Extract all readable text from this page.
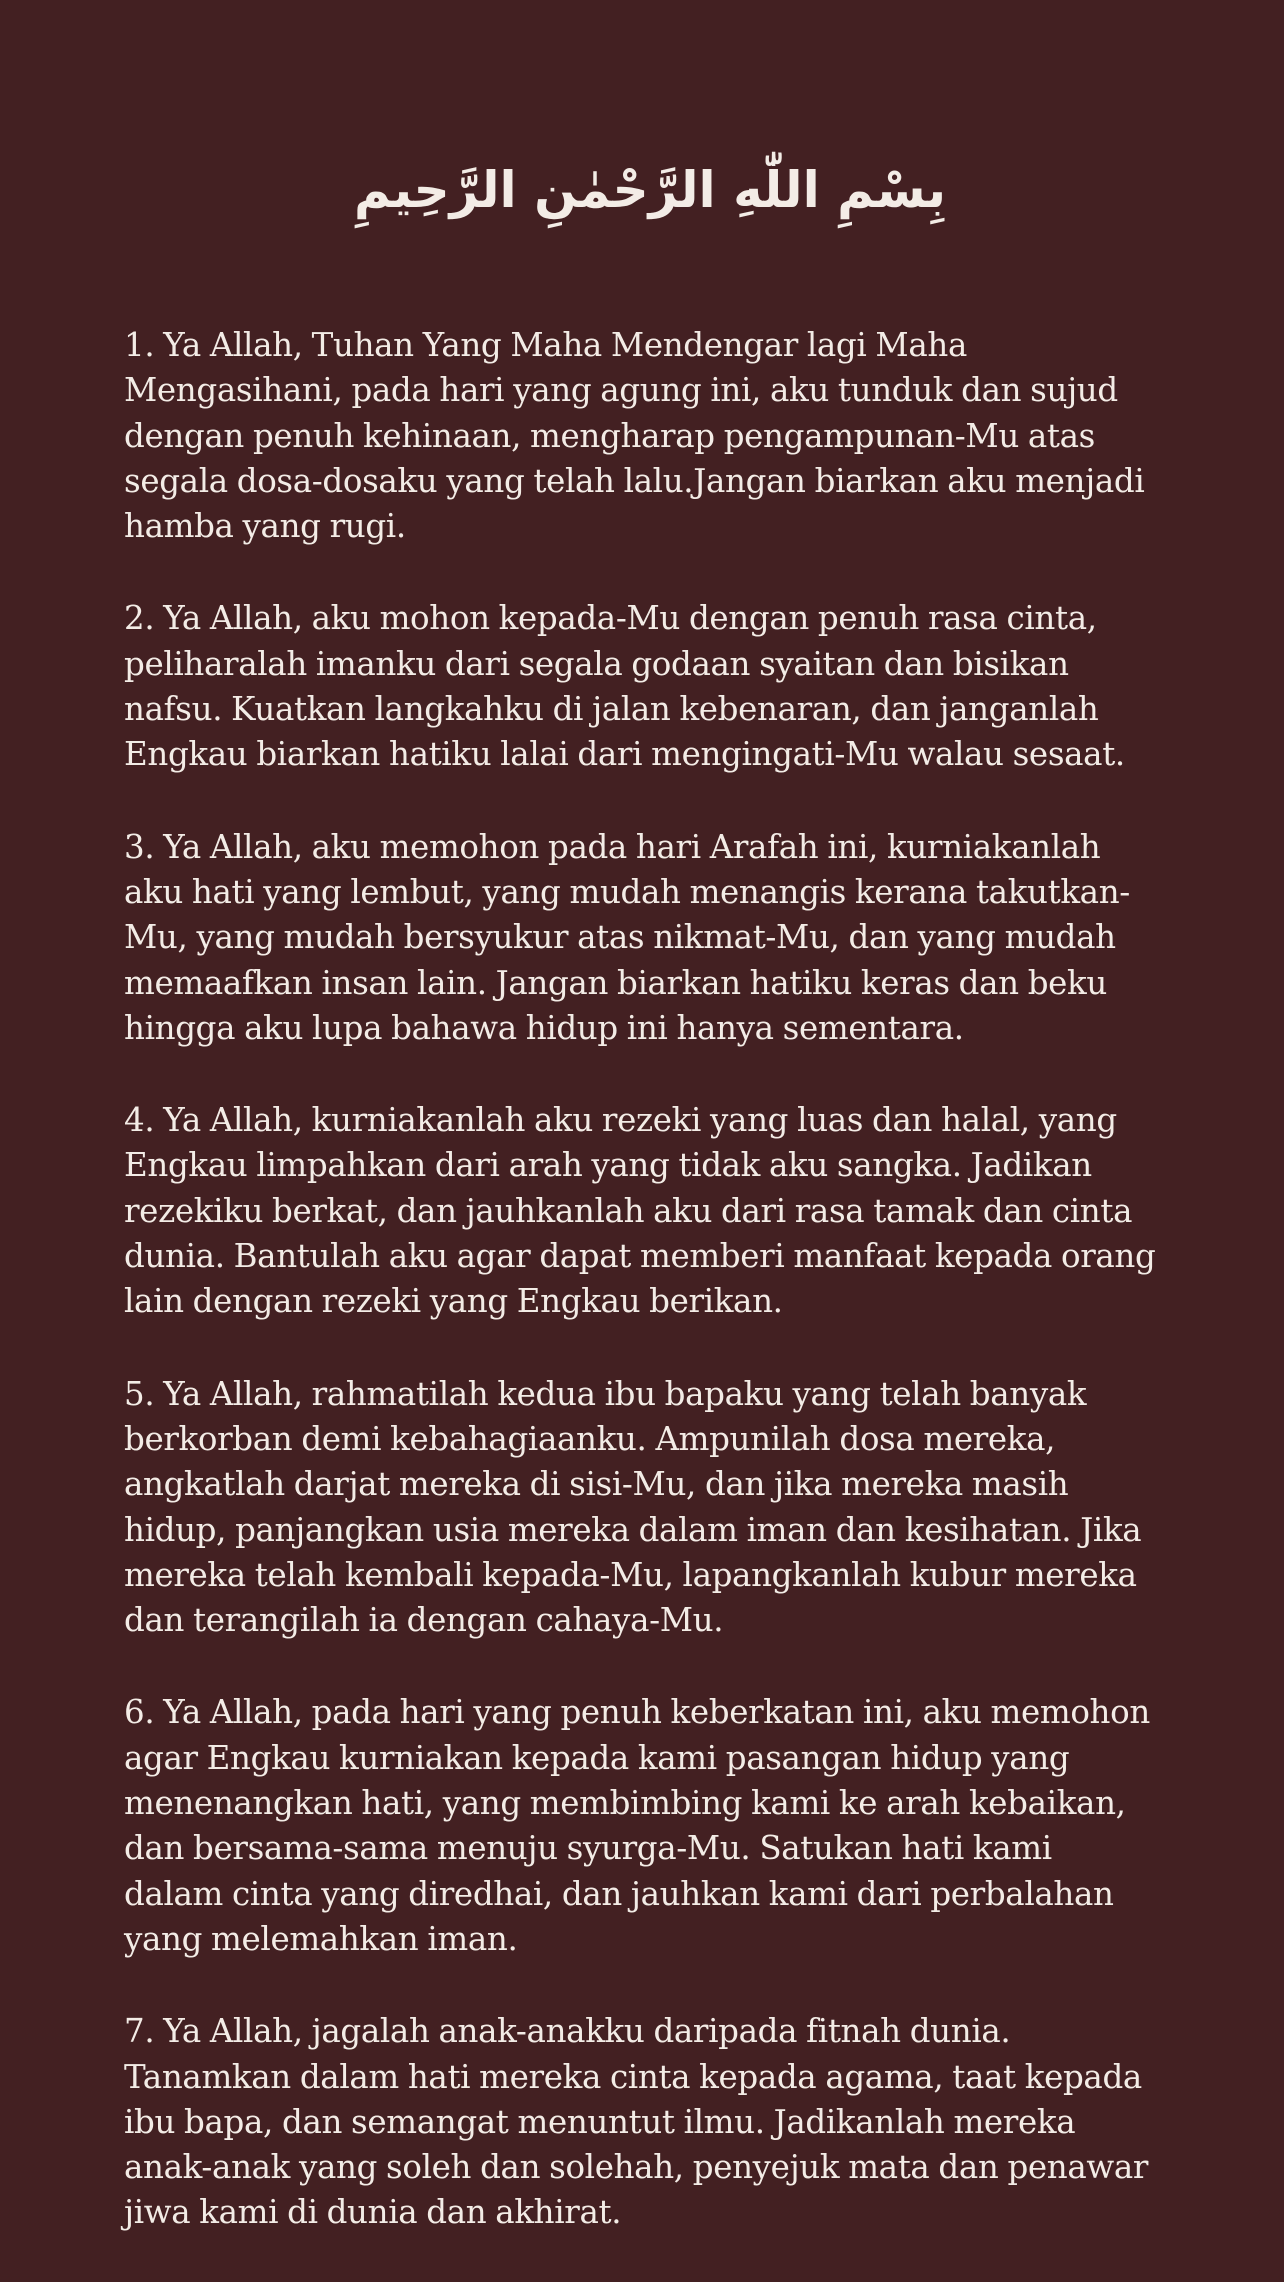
بِسْمِ اللّٰهِ الرَّحْمٰنِ الرَّحِيمِ

1. Ya Allah, Tuhan Yang Maha Mendengar lagi Maha
Mengasihani, pada hari yang agung ini, aku tunduk dan sujud
dengan penuh kehinaan, mengharap pengampunan-Mu atas
segala dosa-dosaku yang telah lalu.Jangan biarkan aku menjadi
hamba yang rugi.

2. Ya Allah, aku mohon kepada-Mu dengan penuh rasa cinta,
peliharalah imanku dari segala godaan syaitan dan bisikan
nafsu. Kuatkan langkahku di jalan kebenaran, dan janganlah
Engkau biarkan hatiku lalai dari mengingati-Mu walau sesaat.

3. Ya Allah, aku memohon pada hari Arafah ini, kurniakanlah
aku hati yang lembut, yang mudah menangis kerana takutkan-
Mu, yang mudah bersyukur atas nikmat-Mu, dan yang mudah
memaafkan insan lain. Jangan biarkan hatiku keras dan beku
hingga aku lupa bahawa hidup ini hanya sementara.

4. Ya Allah, kurniakanlah aku rezeki yang luas dan halal, yang
Engkau limpahkan dari arah yang tidak aku sangka. Jadikan
rezekiku berkat, dan jauhkanlah aku dari rasa tamak dan cinta
dunia. Bantulah aku agar dapat memberi manfaat kepada orang
lain dengan rezeki yang Engkau berikan.

5. Ya Allah, rahmatilah kedua ibu bapaku yang telah banyak
berkorban demi kebahagiaanku. Ampunilah dosa mereka,
angkatlah darjat mereka di sisi-Mu, dan jika mereka masih
hidup, panjangkan usia mereka dalam iman dan kesihatan. Jika
mereka telah kembali kepada-Mu, lapangkanlah kubur mereka
dan terangilah ia dengan cahaya-Mu.

6. Ya Allah, pada hari yang penuh keberkatan ini, aku memohon
agar Engkau kurniakan kepada kami pasangan hidup yang
menenangkan hati, yang membimbing kami ke arah kebaikan,
dan bersama-sama menuju syurga-Mu. Satukan hati kami
dalam cinta yang diredhai, dan jauhkan kami dari perbalahan
yang melemahkan iman.

7. Ya Allah, jagalah anak-anakku daripada fitnah dunia.
Tanamkan dalam hati mereka cinta kepada agama, taat kepada
ibu bapa, dan semangat menuntut ilmu. Jadikanlah mereka
anak-anak yang soleh dan solehah, penyejuk mata dan penawar
jiwa kami di dunia dan akhirat.
